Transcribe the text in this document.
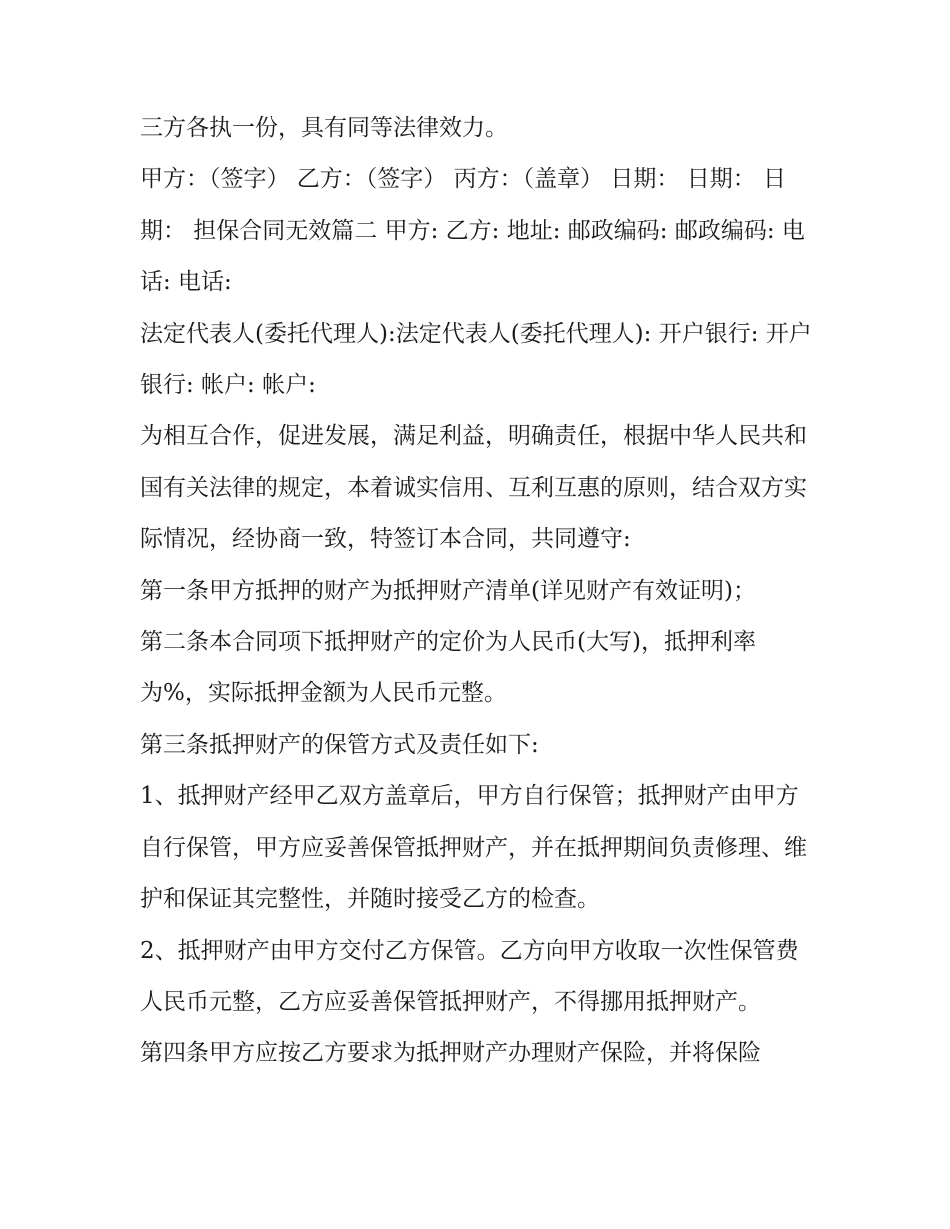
三方各执一份，具有同等法律效力。

甲方：（签字） 乙方：（签字） 丙方：（盖章） 日期： 日期： 日期： 担保合同无效篇二 甲方: 乙方: 地址: 邮政编码: 邮政编码: 电话: 电话:

法定代表人(委托代理人):法定代表人(委托代理人): 开户银行: 开户银行: 帐户: 帐户:

为相互合作，促进发展，满足利益，明确责任，根据中华人民共和国有关法律的规定，本着诚实信用、互利互惠的原则，结合双方实际情况，经协商一致，特签订本合同，共同遵守:

第一条甲方抵押的财产为抵押财产清单(详见财产有效证明)；

第二条本合同项下抵押财产的定价为人民币(大写)，抵押利率为%，实际抵押金额为人民币元整。

第三条抵押财产的保管方式及责任如下:

1、抵押财产经甲乙双方盖章后，甲方自行保管；抵押财产由甲方自行保管，甲方应妥善保管抵押财产，并在抵押期间负责修理、维护和保证其完整性，并随时接受乙方的检查。

2、抵押财产由甲方交付乙方保管。乙方向甲方收取一次性保管费人民币元整，乙方应妥善保管抵押财产，不得挪用抵押财产。

第四条甲方应按乙方要求为抵押财产办理财产保险，并将保险
